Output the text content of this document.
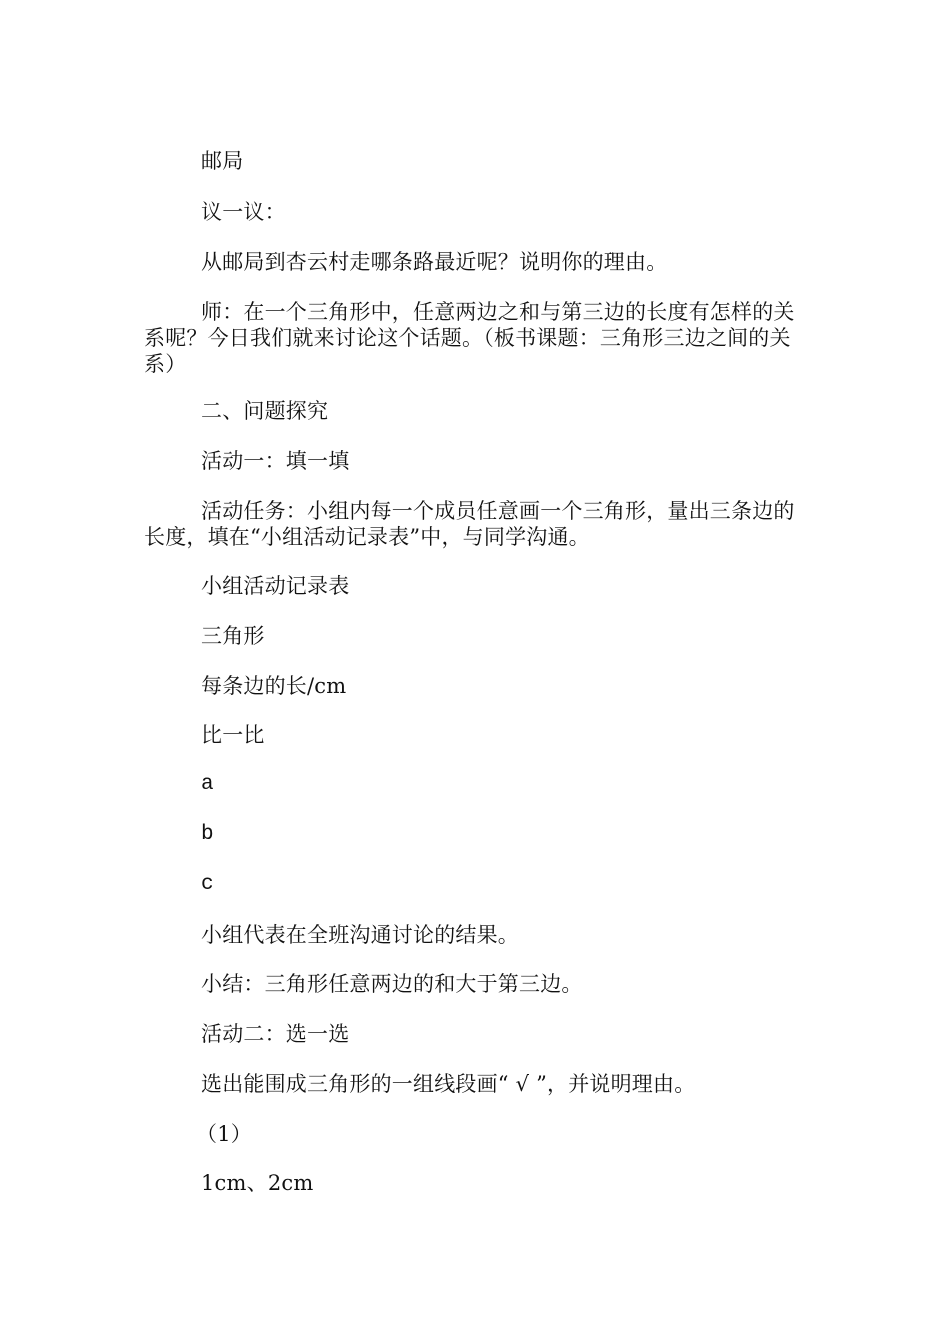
邮局

议一议：

从邮局到杏云村走哪条路最近呢？说明你的理由。

师：在一个三角形中，任意两边之和与第三边的长度有怎样的关系呢？今日我们就来讨论这个话题。（板书课题：三角形三边之间的关系）

二、问题探究

活动一：填一填

活动任务：小组内每一个成员任意画一个三角形，量出三条边的长度，填在“小组活动记录表”中，与同学沟通。

小组活动记录表

三角形

每条边的长/cm

比一比

a

b

c

小组代表在全班沟通讨论的结果。

小结：三角形任意两边的和大于第三边。

活动二：选一选

选出能围成三角形的一组线段画“ √ ”，并说明理由。

（1）

1cm、2cm
